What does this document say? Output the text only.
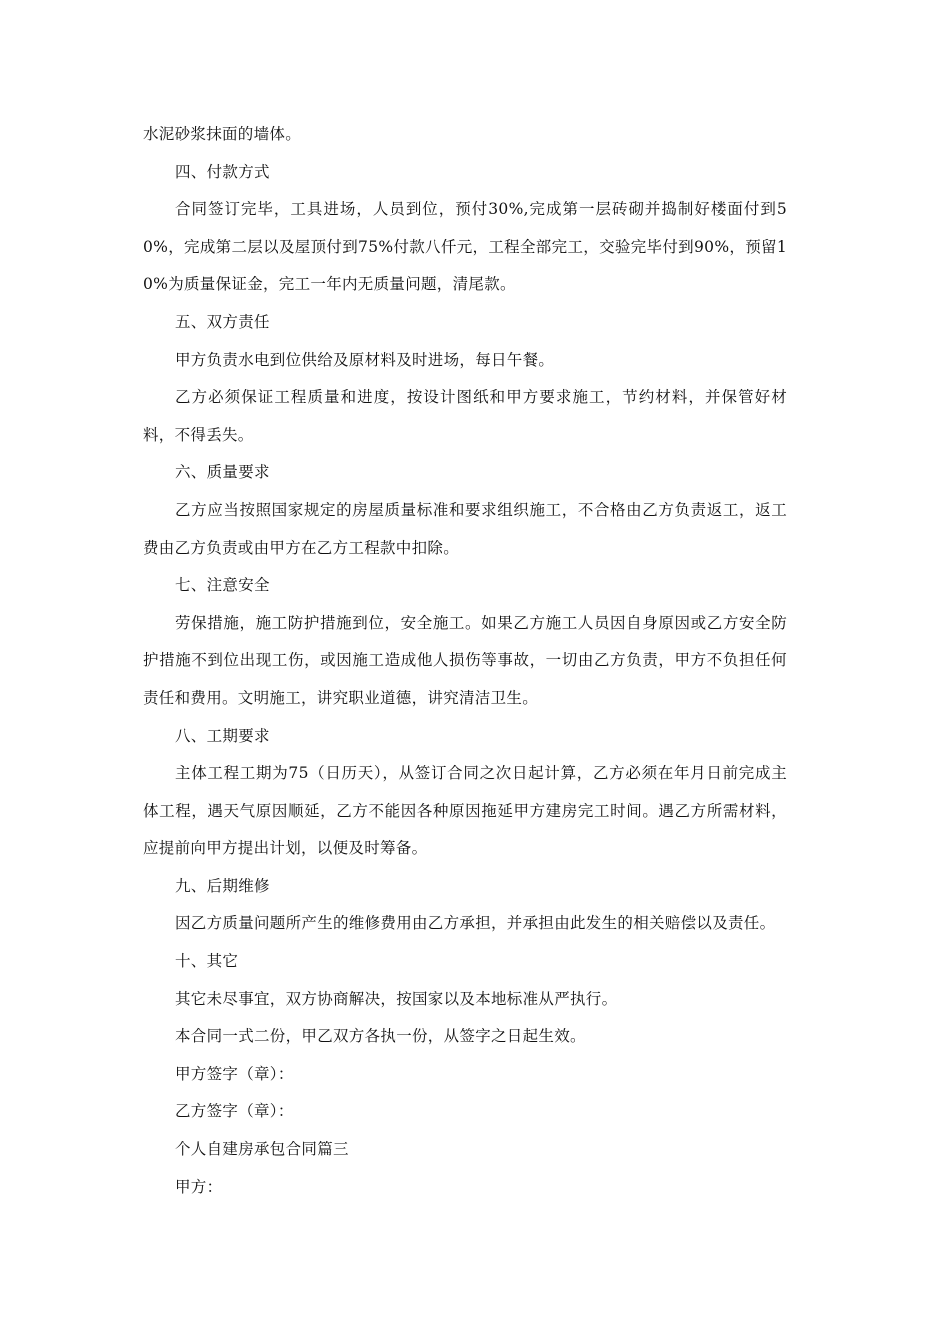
水泥砂浆抹面的墙体。

四、付款方式

合同签订完毕，工具进场，人员到位，预付30%,完成第一层砖砌并捣制好楼面付到50%，完成第二层以及屋顶付到75%付款八仟元，工程全部完工，交验完毕付到90%，预留10%为质量保证金，完工一年内无质量问题，清尾款。

五、双方责任

甲方负责水电到位供给及原材料及时进场，每日午餐。

乙方必须保证工程质量和进度，按设计图纸和甲方要求施工，节约材料，并保管好材料，不得丢失。

六、质量要求

乙方应当按照国家规定的房屋质量标准和要求组织施工，不合格由乙方负责返工，返工费由乙方负责或由甲方在乙方工程款中扣除。

七、注意安全

劳保措施，施工防护措施到位，安全施工。如果乙方施工人员因自身原因或乙方安全防护措施不到位出现工伤，或因施工造成他人损伤等事故，一切由乙方负责，甲方不负担任何责任和费用。文明施工，讲究职业道德，讲究清洁卫生。

八、工期要求

主体工程工期为75（日历天），从签订合同之次日起计算，乙方必须在年月日前完成主体工程，遇天气原因顺延，乙方不能因各种原因拖延甲方建房完工时间。遇乙方所需材料，应提前向甲方提出计划，以便及时筹备。

九、后期维修

因乙方质量问题所产生的维修费用由乙方承担，并承担由此发生的相关赔偿以及责任。

十、其它

其它未尽事宜，双方协商解决，按国家以及本地标准从严执行。

本合同一式二份，甲乙双方各执一份，从签字之日起生效。

甲方签字（章）：

乙方签字（章）：

个人自建房承包合同篇三

甲方：
